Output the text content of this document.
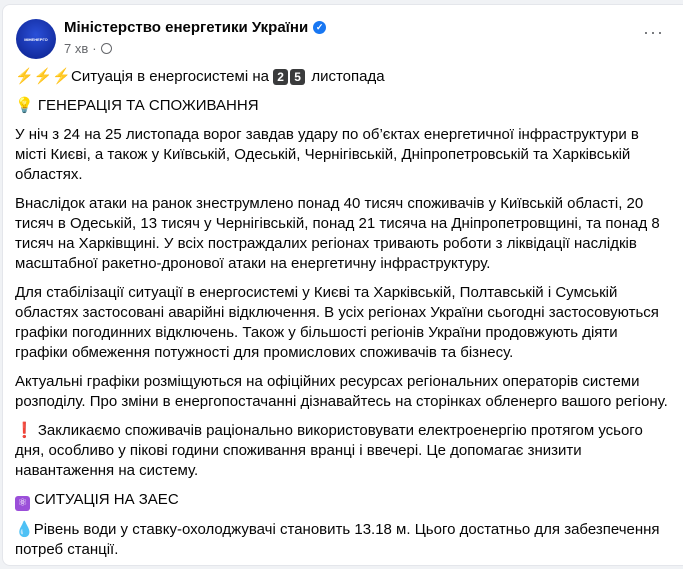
МІНЕНЕРГО
Міністерство енергетики України ✓
7 хв ·
···

⚡⚡⚡Ситуація в енергосистемі на 2 5 листопада

💡 ГЕНЕРАЦІЯ ТА СПОЖИВАННЯ

У ніч з 24 на 25 листопада ворог завдав удару по об’єктах енергетичної інфраструктури в місті Києві, а також у Київській, Одеській, Чернігівській, Дніпропетровській та Харківській областях.

Внаслідок атаки на ранок знеструмлено понад 40 тисяч споживачів у Київській області, 20 тисяч в Одеській, 13 тисяч у Чернігівській, понад 21 тисяча на Дніпропетровщині, та понад 8 тисяч на Харківщині. У всіх постраждалих регіонах тривають роботи з ліквідації наслідків масштабної ракетно-дронової атаки на енергетичну інфраструктуру.

Для стабілізації ситуації в енергосистемі у Києві та Харківській, Полтавській і Сумській областях застосовані аварійні відключення. В усіх регіонах України сьогодні застосовуються графіки погодинних відключень. Також у більшості регіонів України продовжують діяти графіки обмеження потужності для промислових споживачів та бізнесу.

Актуальні графіки розміщуються на офіційних ресурсах регіональних операторів системи розподілу. Про зміни в енергопостачанні дізнавайтесь на сторінках обленерго вашого регіону.

❗ Закликаємо споживачів раціонально використовувати електроенергію протягом усього дня, особливо у пікові години споживання вранці і ввечері. Це допомагає знизити навантаження на систему.

⚛ СИТУАЦІЯ НА ЗАЕС

💧Рівень води у ставку-охолоджувачі становить 13.18 м. Цього достатньо для забезпечення потреб станції.
